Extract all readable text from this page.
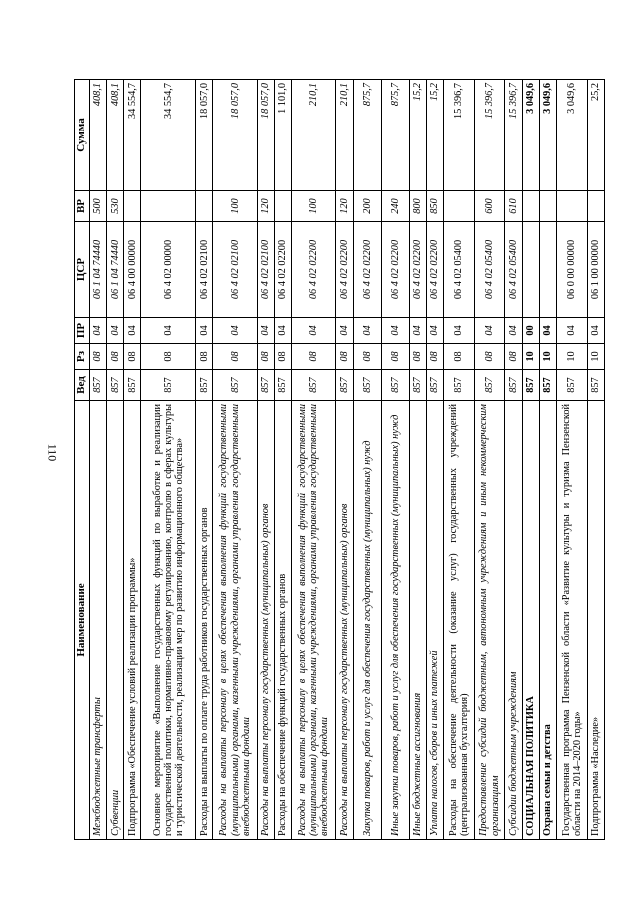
110
Наименование	Вед	Рз	ПР	ЦСР	ВР	Сумма
Межбюджетные трансферты	857	08	04	06 1 04 74440	500	408,1
Субвенции	857	08	04	06 1 04 74440	530	408,1
Подпрограмма «Обеспечение условий реализации программы»	857	08	04	06 4 00 00000		34 554,7
Основное мероприятие «Выполнение государственных функций по выработке и реализации государственной политики, нормативно-правовому регулированию, контролю в сферах культуры и туристической деятельности, реализации мер по развитию информационного общества»	857	08	04	06 4 02 00000		34 554,7
Расходы на выплаты по оплате труда работников государственных органов	857	08	04	06 4 02 02100		18 057,0
Расходы на выплаты персоналу в целях обеспечения выполнения функций государственными (муниципальными) органами, казенными учреждениями, органами управления государственными внебюджетными фондами	857	08	04	06 4 02 02100	100	18 057,0
Расходы на выплаты персоналу государственных (муниципальных) органов	857	08	04	06 4 02 02100	120	18 057,0
Расходы на обеспечение функций государственных органов	857	08	04	06 4 02 02200		1 101,0
Расходы на выплаты персоналу в целях обеспечения выполнения функций государственными (муниципальными) органами, казенными учреждениями, органами управления государственными внебюджетными фондами	857	08	04	06 4 02 02200	100	210,1
Расходы на выплаты персоналу государственных (муниципальных) органов	857	08	04	06 4 02 02200	120	210,1
Закупка товаров, работ и услуг для обеспечения государственных (муниципальных) нужд	857	08	04	06 4 02 02200	200	875,7
Иные закупки товаров, работ и услуг для обеспечения государственных (муниципальных) нужд	857	08	04	06 4 02 02200	240	875,7
Иные бюджетные ассигнования	857	08	04	06 4 02 02200	800	15,2
Уплата налогов, сборов и иных платежей	857	08	04	06 4 02 02200	850	15,2
Расходы на обеспечение деятельности (оказание услуг) государственных учреждений (централизованная бухгалтерия)	857	08	04	06 4 02 05400		15 396,7
Предоставление субсидий бюджетным, автономным учреждениям и иным некоммерческим организациям	857	08	04	06 4 02 05400	600	15 396,7
Субсидии бюджетным учреждениям	857	08	04	06 4 02 05400	610	15 396,7
СОЦИАЛЬНАЯ ПОЛИТИКА	857	10	00			3 049,6
Охрана семьи и детства	857	10	04			3 049,6
Государственная программа Пензенской области «Развитие культуры и туризма Пензенской области на 2014–2020 годы»	857	10	04	06 0 00 00000		3 049,6
Подпрограмма «Наследие»	857	10	04	06 1 00 00000		25,2
